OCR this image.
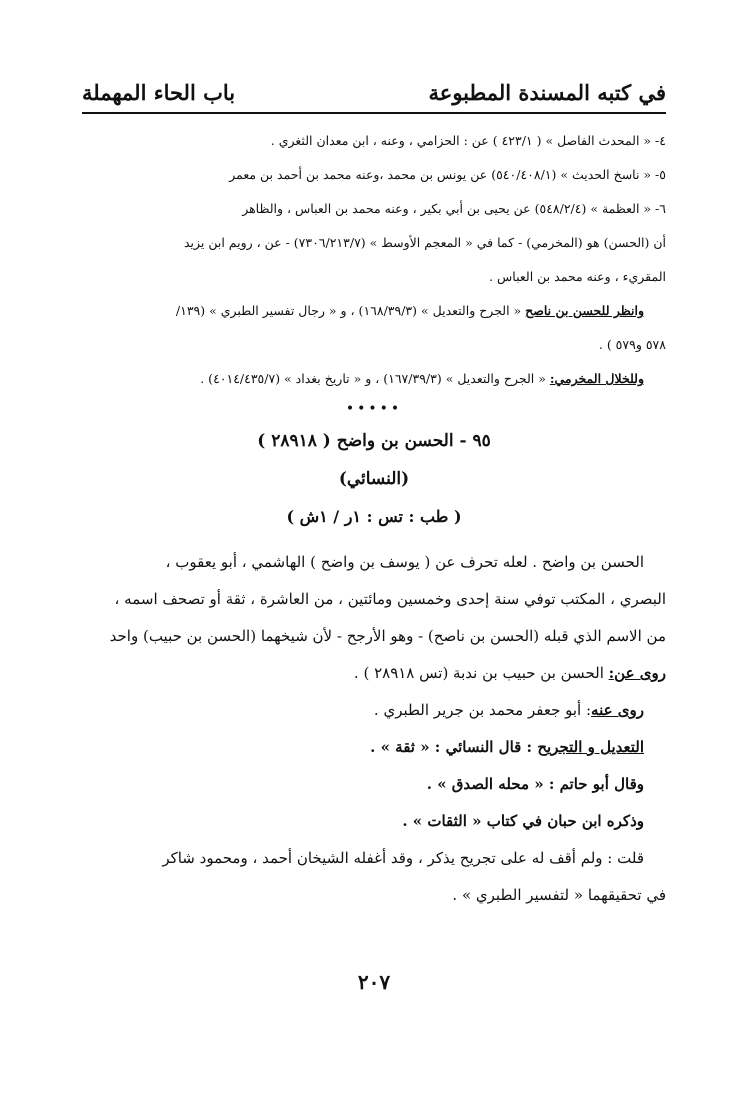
في كتبه المسندة المطبوعة
باب الحاء المهملة
٤- « المحدث الفاصل » ( ٤٢٣/١ ) عن : الحزامي ، وعنه ، ابن معدان الثغري .
٥- « ناسخ الحديث » (٥٤٠/٤٠٨/١) عن يونس بن محمد ،وعنه محمد بن أحمد بن معمر
٦- « العظمة » (٥٤٨/٢/٤) عن يحيى بن أبي بكير ، وعنه محمد بن العباس ، والظاهر
أن (الحسن) هو (المخرمي) - كما في « المعجم الأوسط » (٧٣٠٦/٢١٣/٧) - عن ، رويم ابن يزيد
المقريء ، وعنه محمد بن العباس .
وانظر للحسن بن ناصح « الجرح والتعديل » (١٦٨/٣٩/٣) ، و « رجال تفسير الطبري » (١٣٩/
٥٧٨ و٥٧٩ ) .
وللخلال المخرمي: « الجرح والتعديل » (١٦٧/٣٩/٣) ، و « تاريخ بغداد » (٤٠١٤/٤٣٥/٧) .
•••••
٩٥ - الحسن بن واضح ( ٢٨٩١٨ )
(النسائي)
( طب : تس : ١ر / ١ش )
الحسن بن واضح . لعله تحرف عن ( يوسف بن واضح ) الهاشمي ، أبو يعقوب ،
البصري ، المكتب توفي سنة إحدى وخمسين ومائتين ، من العاشرة ، ثقة أو تصحف اسمه ،
من الاسم الذي قبله (الحسن بن ناصح) - وهو الأرجح - لأن شيخهما (الحسن بن حبيب) واحد
روى عن: الحسن بن حبيب بن ندبة (تس ٢٨٩١٨ ) .
روى عنه: أبو جعفر محمد بن جرير الطبري .
التعديل و التجريح : قال النسائي : « ثقة » .
وقال أبو حاتم : « محله الصدق » .
وذكره ابن حبان في كتاب « الثقات » .
قلت : ولم أقف له على تجريح يذكر ، وقد أغفله الشيخان أحمد ، ومحمود شاكر
في تحقيقهما « لتفسير الطبري » .
٢٠٧
